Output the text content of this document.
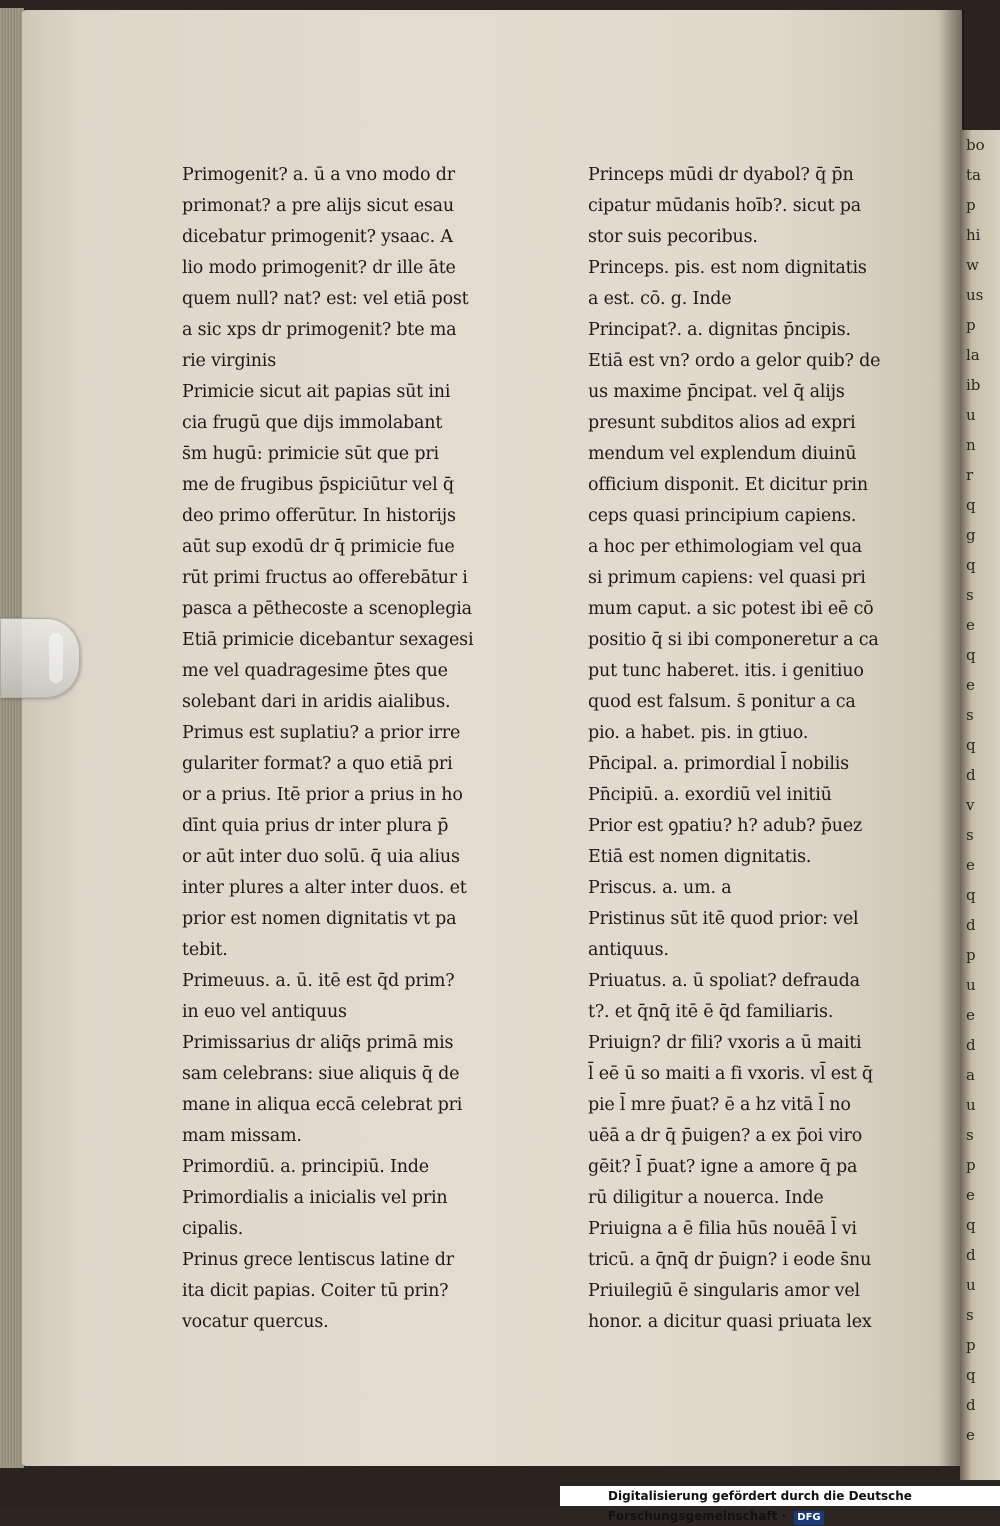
bo
ta
p
hi
w
us
p
la
ib
u
n
r
q
g
q
s
e
q
e
s
q
d
v
s
e
q
d
p
u
e
d
a
u
s
p
e
q
d
u
s
p
q
d
e
Primogenit? a. ū a vno modo dr
primonat? a pre alijs sicut esau
dicebatur primogenit? ysaac. A
lio modo primogenit? dr ille āte
quem null? nat? est: vel etiā post
a sic xps dr primogenit? bte ma
rie virginis
Primicie sicut ait papias sūt ini
cia frugū que dijs immolabant
s̄m hugū: primicie sūt que pri
me de frugibus p̄spiciūtur vel q̄
deo primo offerūtur. In historijs
aūt sup exodū dr q̄ primicie fue
rūt primi fructus ao offerebātur i
pasca a pēthecoste a scenoplegia
Etiā primicie dicebantur sexagesi
me vel quadragesime p̄tes que
solebant dari in aridis aialibus.
Primus est suplatiu? a prior irre
gulariter format? a quo etiā pri
or a prius. Itē prior a prius in ho
dīnt quia prius dr inter plura p̄
or aūt inter duo solū. q̄ uia alius
inter plures a alter inter duos. et
prior est nomen dignitatis vt pa
tebit.
Primeuus. a. ū. itē est q̄d prim?
in euo vel antiquus
Primissarius dr aliq̄s primā mis
sam celebrans: siue aliquis q̄ de
mane in aliqua eccā celebrat pri
mam missam.
Primordiū. a. principiū. Inde
Primordialis a inicialis vel prin
cipalis.
Prinus grece lentiscus latine dr
ita dicit papias. Coiter tū prin?
vocatur quercus.
Princeps mūdi dr dyabol? q̄ p̄n
cipatur mūdanis hoīb?. sicut pa
stor suis pecoribus.
Princeps. pis. est nom dignitatis
a est. cō. g. Inde
Principat?. a. dignitas p̄ncipis.
Etiā est vn? ordo a gelor quib? de
us maxime p̄ncipat. vel q̄ alijs
presunt subditos alios ad expri
mendum vel explendum diuinū
officium disponit. Et dicitur prin
ceps quasi principium capiens.
a hoc per ethimologiam vel qua
si primum capiens: vel quasi pri
mum caput. a sic potest ibi eē cō
positio q̄ si ibi componeretur a ca
put tunc haberet. itis. i genitiuo
quod est falsum. s̄ ponitur a ca
pio. a habet. pis. in gtiuo.
Pn̄cipal. a. primordial l̄ nobilis
Pn̄cipiū. a. exordiū vel initiū
Prior est ꝯpatiu? h? adub? p̄uez
Etiā est nomen dignitatis.
Priscus. a. um. a
Pristinus sūt itē quod prior: vel
antiquus.
Priuatus. a. ū spoliat? defrauda
t?. et q̄nq̄ itē ē q̄d familiaris.
Priuign? dr fili? vxoris a ū maiti
l̄ eē ū so maiti a fi vxoris. vl̄ est q̄
pie l̄ mre p̄uat? ē a hz vitā l̄ no
uēā a dr q̄ p̄uigen? a ex p̄oi viro
gēit? l̄ p̄uat? igne a amore q̄ pa
rū diligitur a nouerca. Inde
Priuigna a ē filia hūs nouēā l̄ vi
tricū. a q̄nq̄ dr p̄uign? i eode s̄nu
Priuilegiū ē singularis amor vel
honor. a dicitur quasi priuata lex
Digitalisierung gefördert durch die Deutsche Forschungsgemeinschaft · DFG
